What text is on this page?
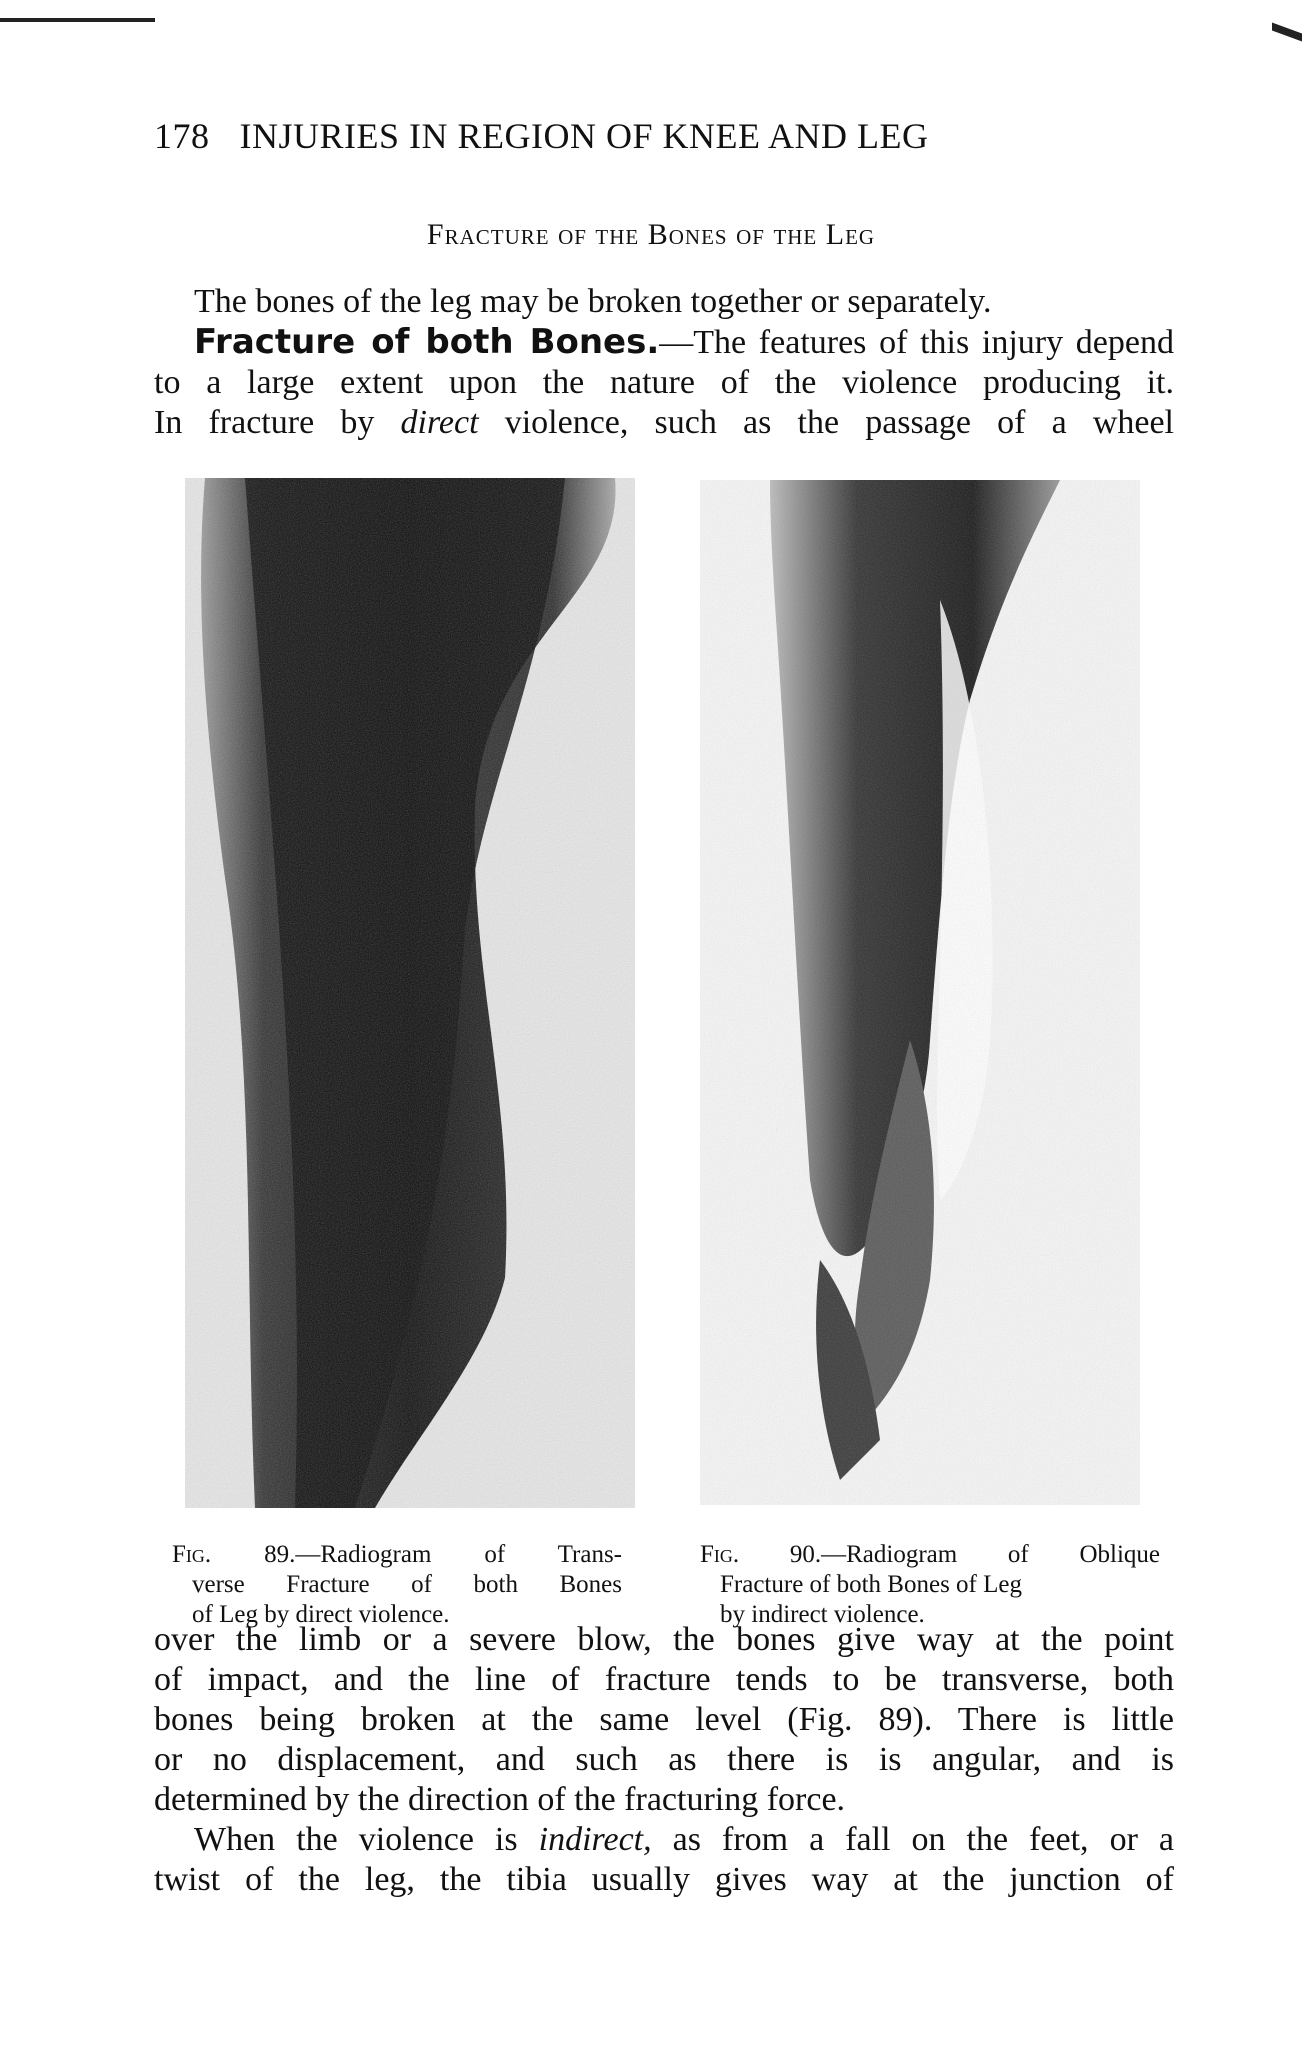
178 INJURIES IN REGION OF KNEE AND LEG
Fracture of the Bones of the Leg
The bones of the leg may be broken together or separately.
Fracture of both Bones.—The features of this injury depend
to a large extent upon the nature of the violence producing it.
In fracture by direct violence, such as the passage of a wheel
Fig. 89.—Radiogram of Trans-
verse Fracture of both Bones
of Leg by direct violence.
Fig. 90.—Radiogram of Oblique
Fracture of both Bones of Leg
by indirect violence.
over the limb or a severe blow, the bones give way at the point
of impact, and the line of fracture tends to be transverse, both
bones being broken at the same level (Fig. 89). There is little
or no displacement, and such as there is is angular, and is
determined by the direction of the fracturing force.
When the violence is indirect, as from a fall on the feet, or a
twist of the leg, the tibia usually gives way at the junction of
